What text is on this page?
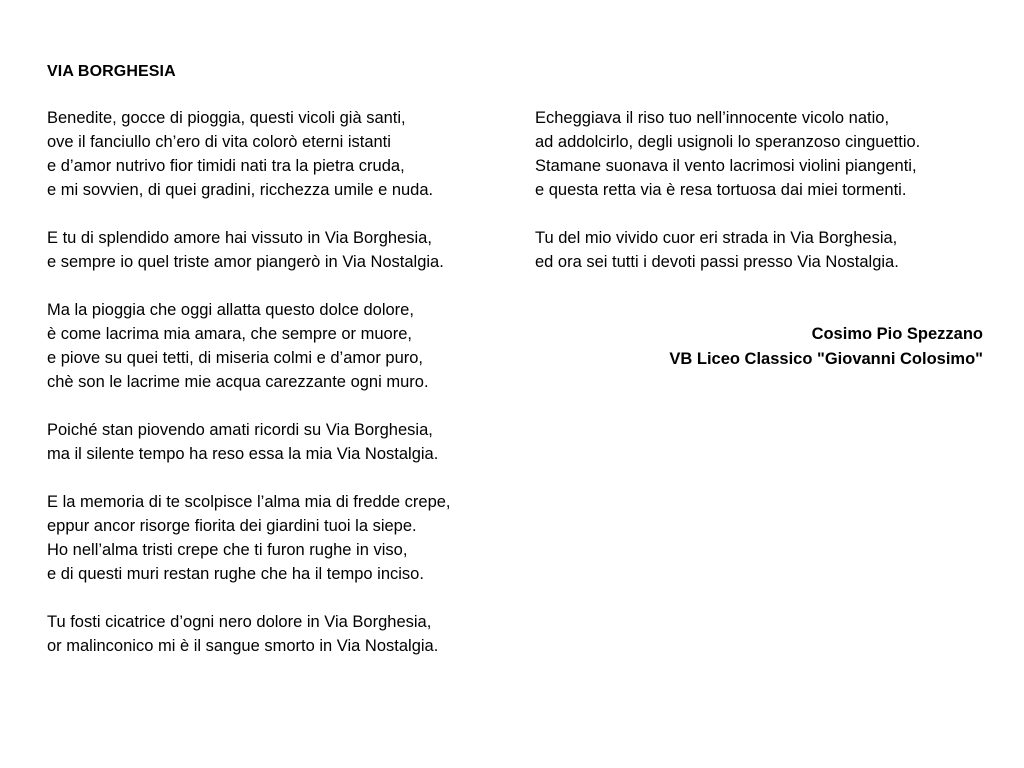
VIA BORGHESIA
Benedite, gocce di pioggia, questi vicoli già santi,
ove il fanciullo ch’ero di vita colorò eterni istanti
e d’amor nutrivo fior timidi nati tra la pietra cruda,
e mi sovvien, di quei gradini, ricchezza umile e nuda.
E tu di splendido amore hai vissuto in Via Borghesia,
e sempre io quel triste amor piangerò in Via Nostalgia.
Ma la pioggia che oggi allatta questo dolce dolore,
è come lacrima mia amara, che sempre or muore,
e piove su quei tetti, di miseria colmi e d’amor puro,
chè son le lacrime mie acqua carezzante ogni muro.
Poiché stan piovendo amati ricordi su Via Borghesia,
ma il silente tempo ha reso essa la mia Via Nostalgia.
E la memoria di te scolpisce l’alma mia di fredde crepe,
eppur ancor risorge fiorita dei giardini tuoi la siepe.
Ho nell’alma tristi crepe che ti furon rughe in viso,
e di questi muri restan rughe che ha il tempo inciso.
Tu fosti cicatrice d’ogni nero dolore in Via Borghesia,
or malinconico mi è il sangue smorto in Via Nostalgia.
Echeggiava il riso tuo nell’innocente vicolo natio,
ad addolcirlo, degli usignoli lo speranzoso cinguettio.
Stamane suonava il vento lacrimosi violini piangenti,
e questa retta via è resa tortuosa dai miei tormenti.
Tu del mio vivido cuor eri strada in Via Borghesia,
ed ora sei tutti i devoti passi presso Via Nostalgia.
Cosimo Pio Spezzano
VB Liceo Classico "Giovanni Colosimo"
